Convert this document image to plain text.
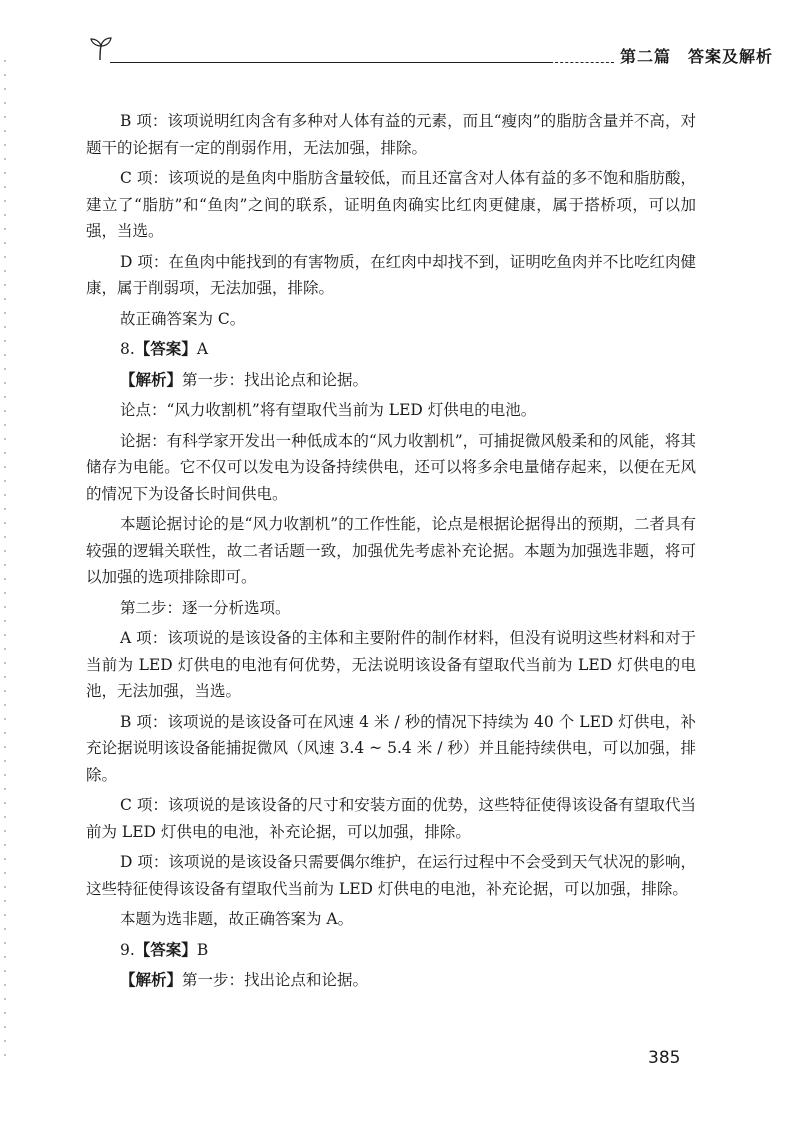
第二篇　答案及解析

B 项：该项说明红肉含有多种对人体有益的元素，而且“瘦肉”的脂肪含量并不高，对题干的论据有一定的削弱作用，无法加强，排除。

C 项：该项说的是鱼肉中脂肪含量较低，而且还富含对人体有益的多不饱和脂肪酸，建立了“脂肪”和“鱼肉”之间的联系，证明鱼肉确实比红肉更健康，属于搭桥项，可以加强，当选。

D 项：在鱼肉中能找到的有害物质，在红肉中却找不到，证明吃鱼肉并不比吃红肉健康，属于削弱项，无法加强，排除。

故正确答案为 C。

8.【答案】A

【解析】第一步：找出论点和论据。

论点：“风力收割机”将有望取代当前为 LED 灯供电的电池。

论据：有科学家开发出一种低成本的“风力收割机”，可捕捉微风般柔和的风能，将其储存为电能。它不仅可以发电为设备持续供电，还可以将多余电量储存起来，以便在无风的情况下为设备长时间供电。

本题论据讨论的是“风力收割机”的工作性能，论点是根据论据得出的预期，二者具有较强的逻辑关联性，故二者话题一致，加强优先考虑补充论据。本题为加强选非题，将可以加强的选项排除即可。

第二步：逐一分析选项。

A 项：该项说的是该设备的主体和主要附件的制作材料，但没有说明这些材料和对于当前为 LED 灯供电的电池有何优势，无法说明该设备有望取代当前为 LED 灯供电的电池，无法加强，当选。

B 项：该项说的是该设备可在风速 4 米 / 秒的情况下持续为 40 个 LED 灯供电，补充论据说明该设备能捕捉微风（风速 3.4 ~ 5.4 米 / 秒）并且能持续供电，可以加强，排除。

C 项：该项说的是该设备的尺寸和安装方面的优势，这些特征使得该设备有望取代当前为 LED 灯供电的电池，补充论据，可以加强，排除。

D 项：该项说的是该设备只需要偶尔维护，在运行过程中不会受到天气状况的影响，这些特征使得该设备有望取代当前为 LED 灯供电的电池，补充论据，可以加强，排除。

本题为选非题，故正确答案为 A。

9.【答案】B

【解析】第一步：找出论点和论据。

385
